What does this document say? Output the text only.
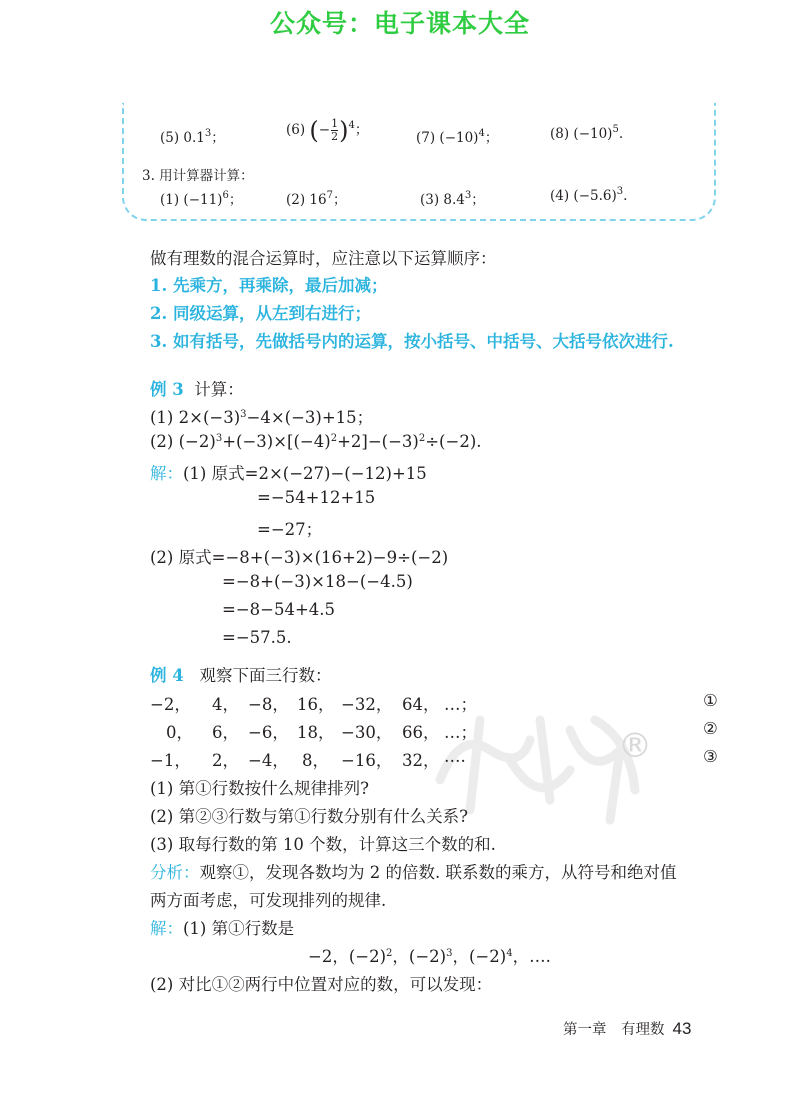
公众号：电子课本大全
®
(5) $0.1^3$；	(6) (− $\frac{1}{2} )^4$；	(7) $(-10)^4$；	(8) $(-10)^5$.
3. 用计算器计算：
(1) $(-11)^6$；	(2) $16^7$；	(3) $8.4^3$；	(4) $(-5.6)^3$.
做有理数的混合运算时，应注意以下运算顺序：
1. 先乘方，再乘除，最后加减；
2. 同级运算，从左到右进行；
3. 如有括号，先做括号内的运算，按小括号、中括号、大括号依次进行.
例 3 计算：
(1) $2\times(-3)^3-4\times(-3)+15$；
(2) $(-2)^3+(-3)\times[(-4)^2+2]-(-3)^2\div(-2)$.
解：(1) 原式=2×(−27)−(−12)+15
=−54+12+15
=−27；
(2) 原式=−8+(−3)×(16+2)−9÷(−2)
=−8+(−3)×18−(−4.5)
=−8−54+4.5
=−57.5.
例 4 观察下面三行数：
−2， 4， −8， 16， −32， 64， …；	①
0， 6， −6， 18， −30， 66， …；	②
−1， 2， −4， 8， −16， 32， ….	③
(1) 第①行数按什么规律排列?
(2) 第②③行数与第①行数分别有什么关系?
(3) 取每行数的第 10 个数，计算这三个数的和.
分析：观察①，发现各数均为 2 的倍数. 联系数的乘方，从符号和绝对值
两方面考虑，可发现排列的规律.
解：(1) 第①行数是
−2，$(-2)^2$，$(-2)^3$，$(-2)^4$，….
(2) 对比①②两行中位置对应的数，可以发现：
第一章　有理数 43
